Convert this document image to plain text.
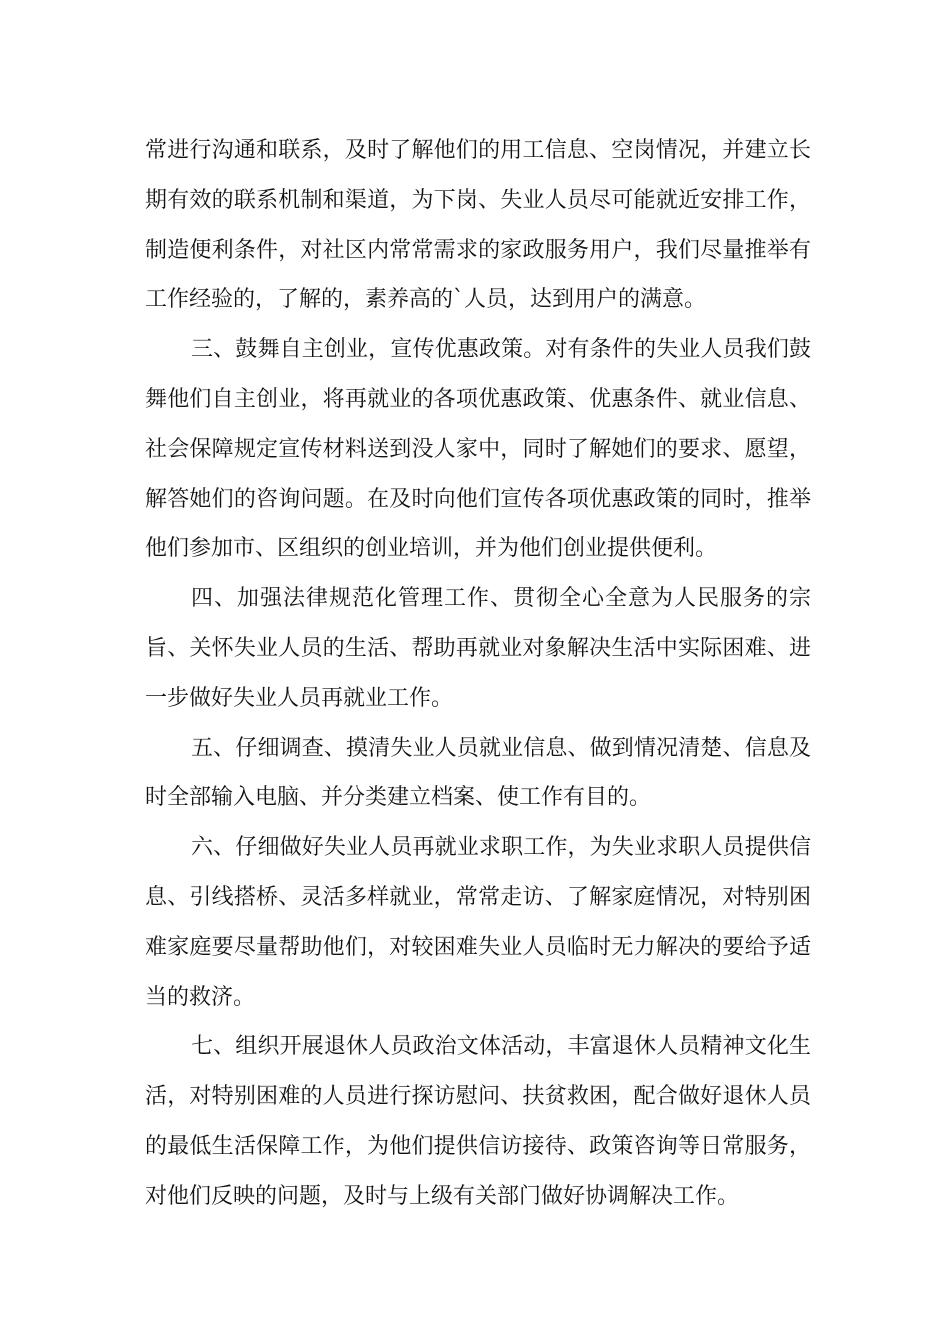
常进行沟通和联系，及时了解他们的用工信息、空岗情况，并建立长期有效的联系机制和渠道，为下岗、失业人员尽可能就近安排工作，制造便利条件，对社区内常常需求的家政服务用户，我们尽量推举有工作经验的，了解的，素养高的`人员，达到用户的满意。

三、鼓舞自主创业，宣传优惠政策。对有条件的失业人员我们鼓舞他们自主创业，将再就业的各项优惠政策、优惠条件、就业信息、社会保障规定宣传材料送到没人家中，同时了解她们的要求、愿望，解答她们的咨询问题。在及时向他们宣传各项优惠政策的同时，推举他们参加市、区组织的创业培训，并为他们创业提供便利。

四、加强法律规范化管理工作、贯彻全心全意为人民服务的宗旨、关怀失业人员的生活、帮助再就业对象解决生活中实际困难、进一步做好失业人员再就业工作。

五、仔细调查、摸清失业人员就业信息、做到情况清楚、信息及时全部输入电脑、并分类建立档案、使工作有目的。

六、仔细做好失业人员再就业求职工作，为失业求职人员提供信息、引线搭桥、灵活多样就业，常常走访、了解家庭情况，对特别困难家庭要尽量帮助他们，对较困难失业人员临时无力解决的要给予适当的救济。

七、组织开展退休人员政治文体活动，丰富退休人员精神文化生活，对特别困难的人员进行探访慰问、扶贫救困，配合做好退休人员的最低生活保障工作，为他们提供信访接待、政策咨询等日常服务，对他们反映的问题，及时与上级有关部门做好协调解决工作。
